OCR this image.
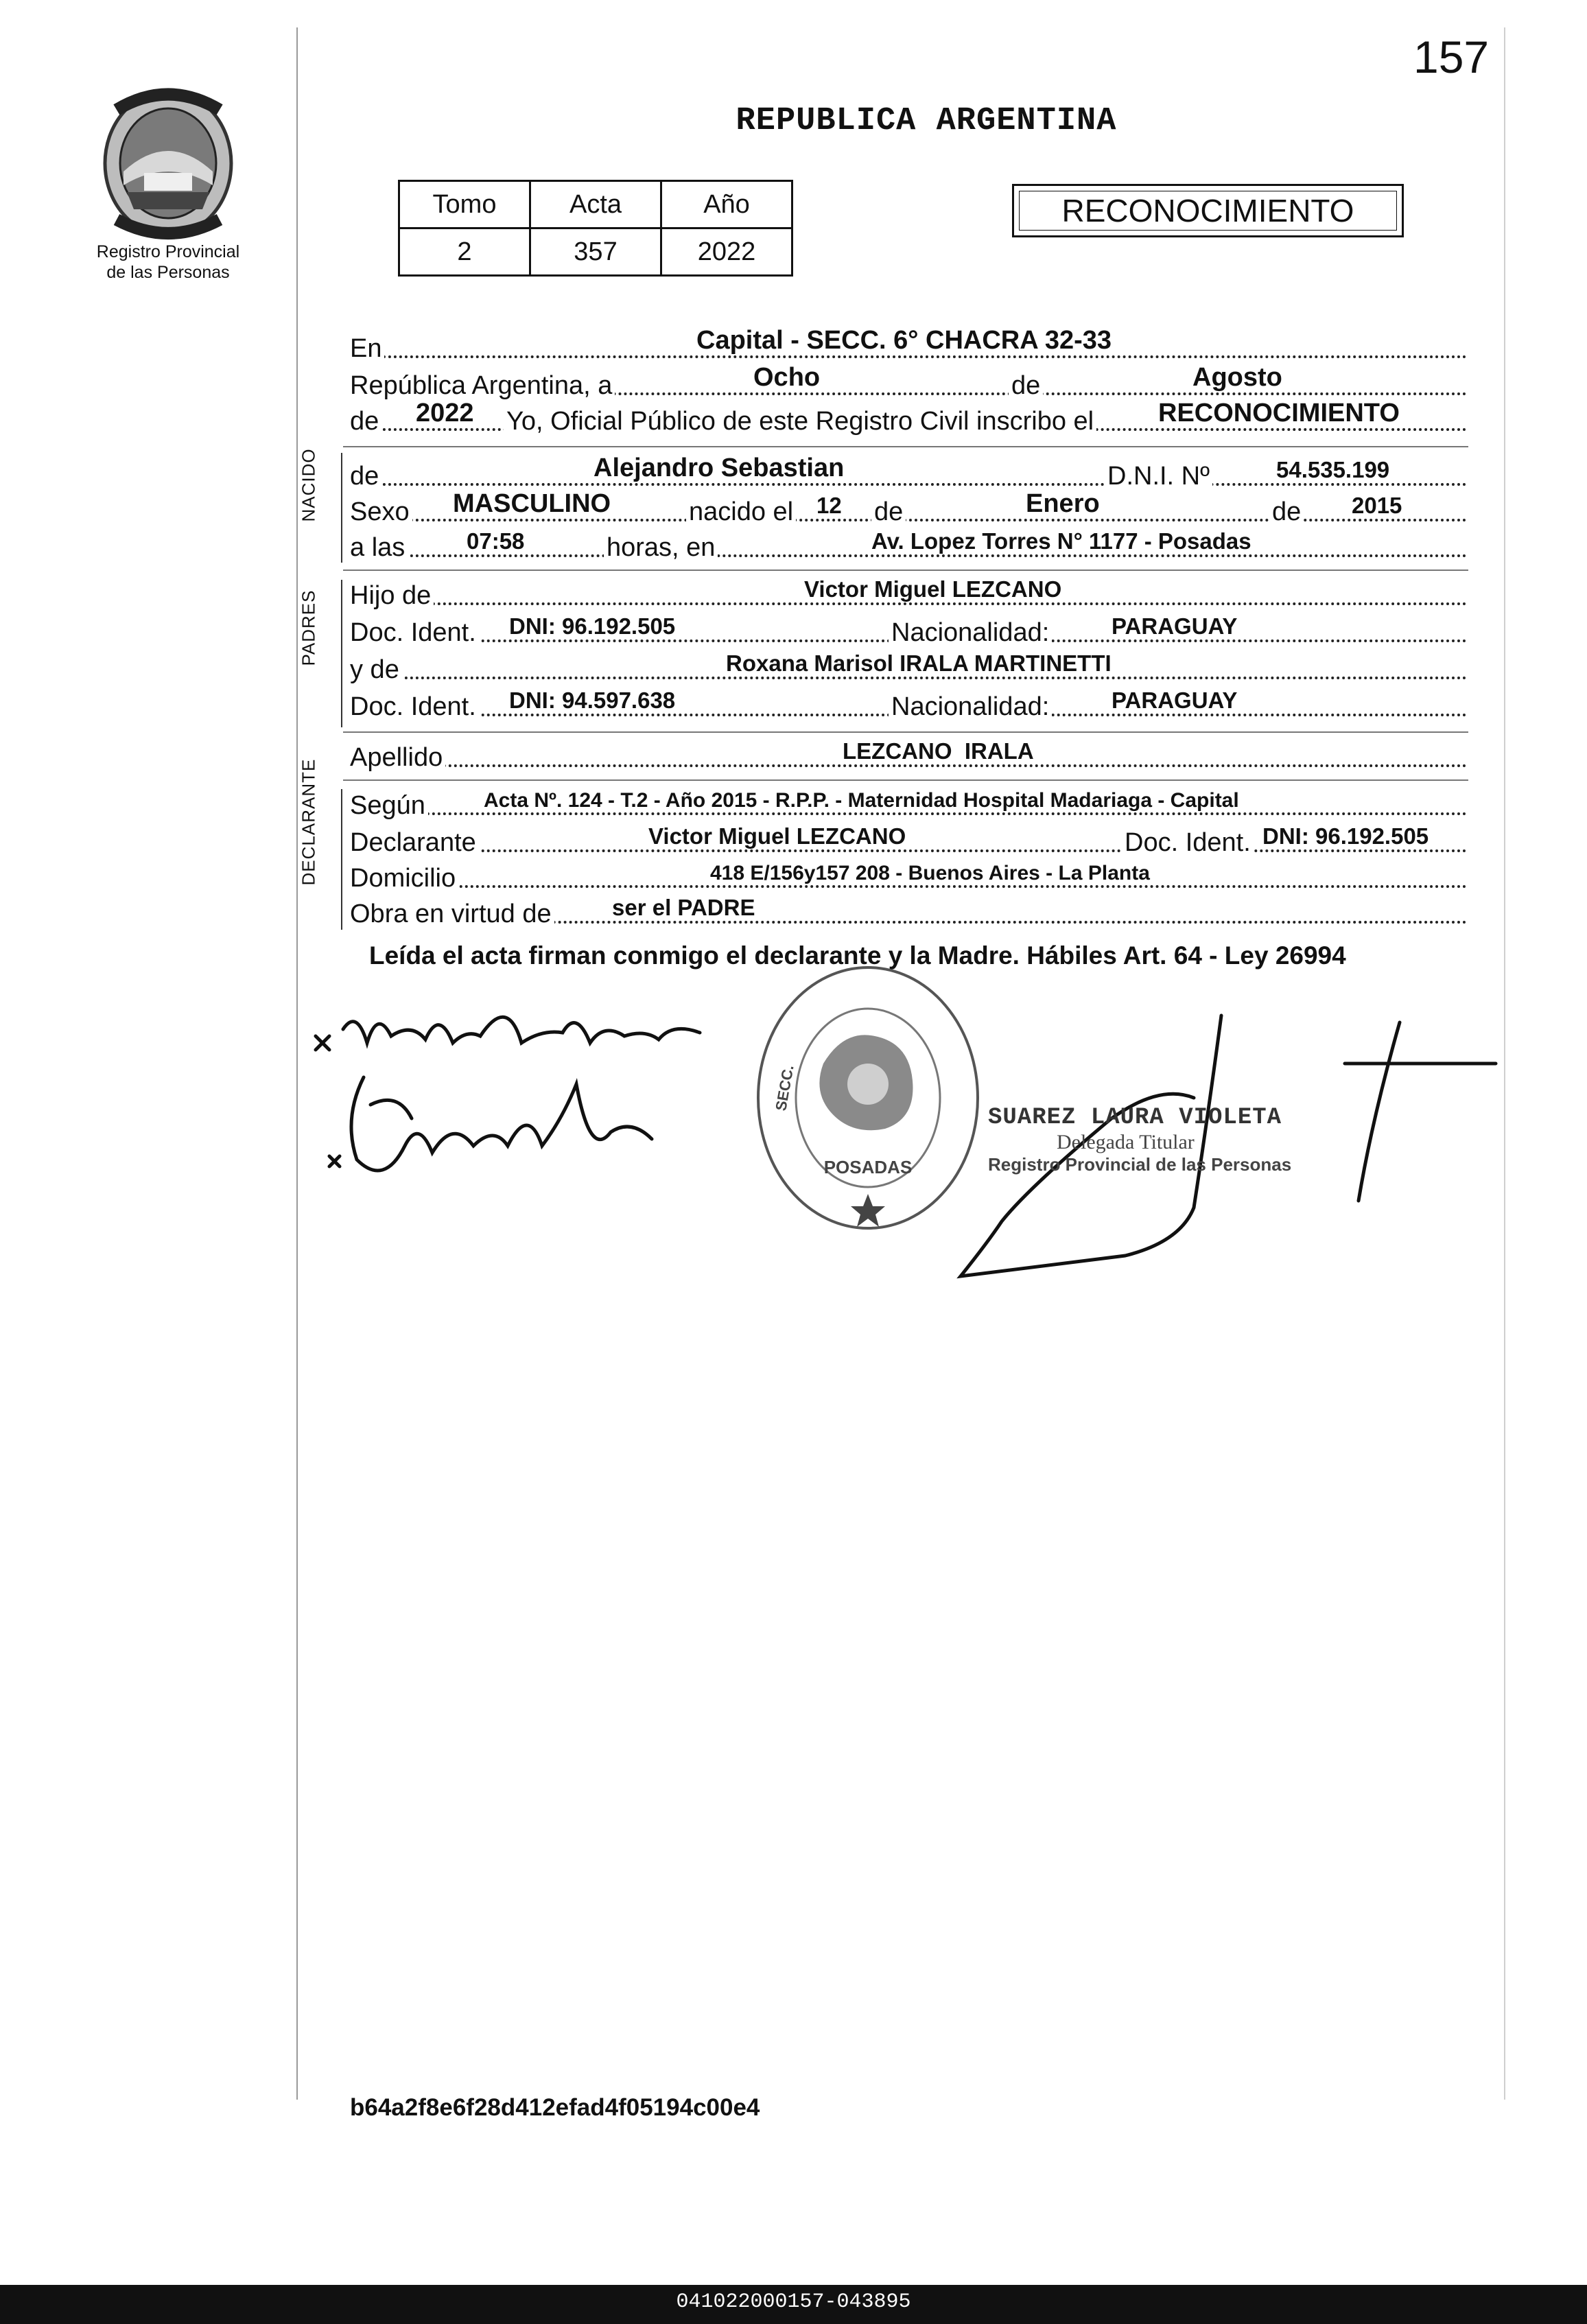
157
Registro Provincial
de las Personas
REPUBLICA ARGENTINA
Tomo	Acta	Año
2	357	2022
RECONOCIMIENTO
En	Capital - SECC. 6° CHACRA 32-33
República Argentina, a	Ocho	de	Agosto
de 2022 Yo, Oficial Público de este Registro Civil inscribo el RECONOCIMIENTO
NACIDO de	Alejandro Sebastian	D.N.I. Nº	54.535.199
Sexo MASCULINO	nacido el 12 de	Enero	de 2015
a las	07:58	horas, en	Av. Lopez Torres N° 1177 - Posadas
PADRES Hijo de	Victor Miguel LEZCANO
Doc. Ident. DNI: 96.192.505	Nacionalidad:	PARAGUAY
y de	Roxana Marisol IRALA MARTINETTI
Doc. Ident. DNI: 94.597.638	Nacionalidad:	PARAGUAY
Apellido	LEZCANO  IRALA
DECLARANTE Según	Acta Nº. 124 - T.2 - Año 2015 - R.P.P. - Maternidad Hospital Madariaga - Capital
Declarante	Victor Miguel LEZCANO	Doc. Ident. DNI: 96.192.505
Domicilio	418 E/156y157 208 - Buenos Aires - La Planta
Obra en virtud de	ser el PADRE
Leída el acta firman conmigo el declarante y la Madre. Hábiles Art. 64 - Ley 26994
POSADAS
SECC.
SUAREZ LAURA VIOLETA
Delegada Titular
Registro Provincial de las Personas
b64a2f8e6f28d412efad4f05194c00e4
041022000157-043895
